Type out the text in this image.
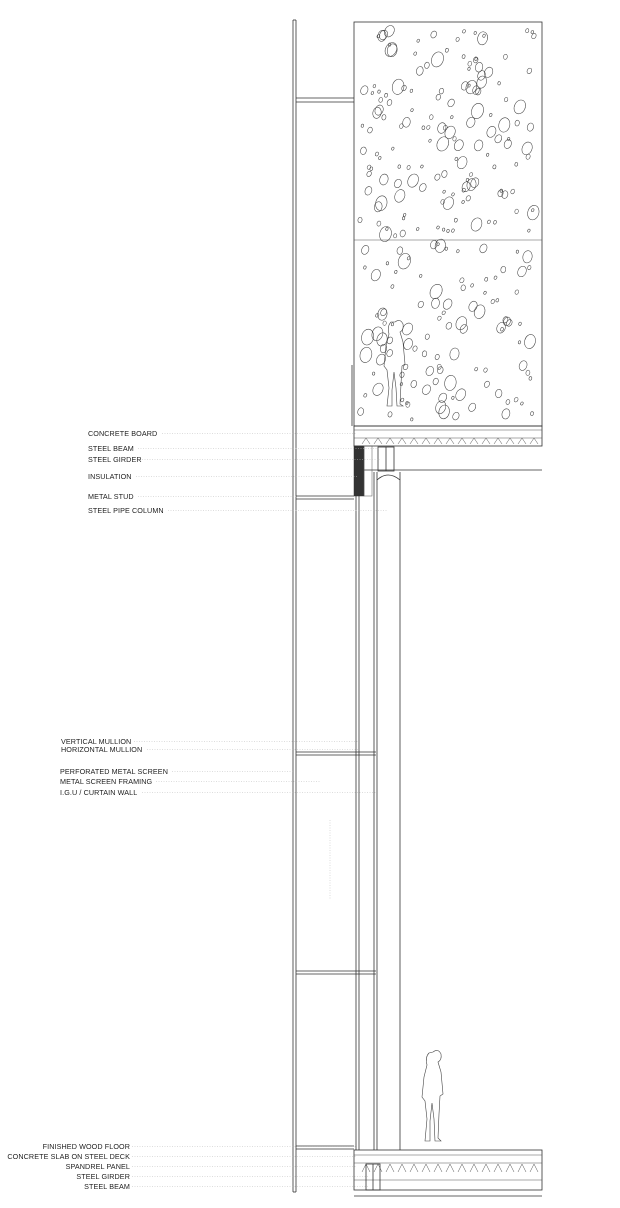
CONCRETE BOARD
STEEL BEAM
STEEL GIRDER
INSULATION
METAL STUD
STEEL PIPE COLUMN
VERTICAL MULLION
HORIZONTAL MULLION
PERFORATED METAL SCREEN
METAL SCREEN FRAMING
I.G.U / CURTAIN WALL
FINISHED WOOD FLOOR
CONCRETE SLAB ON STEEL DECK
SPANDREL PANEL
STEEL GIRDER
STEEL BEAM
